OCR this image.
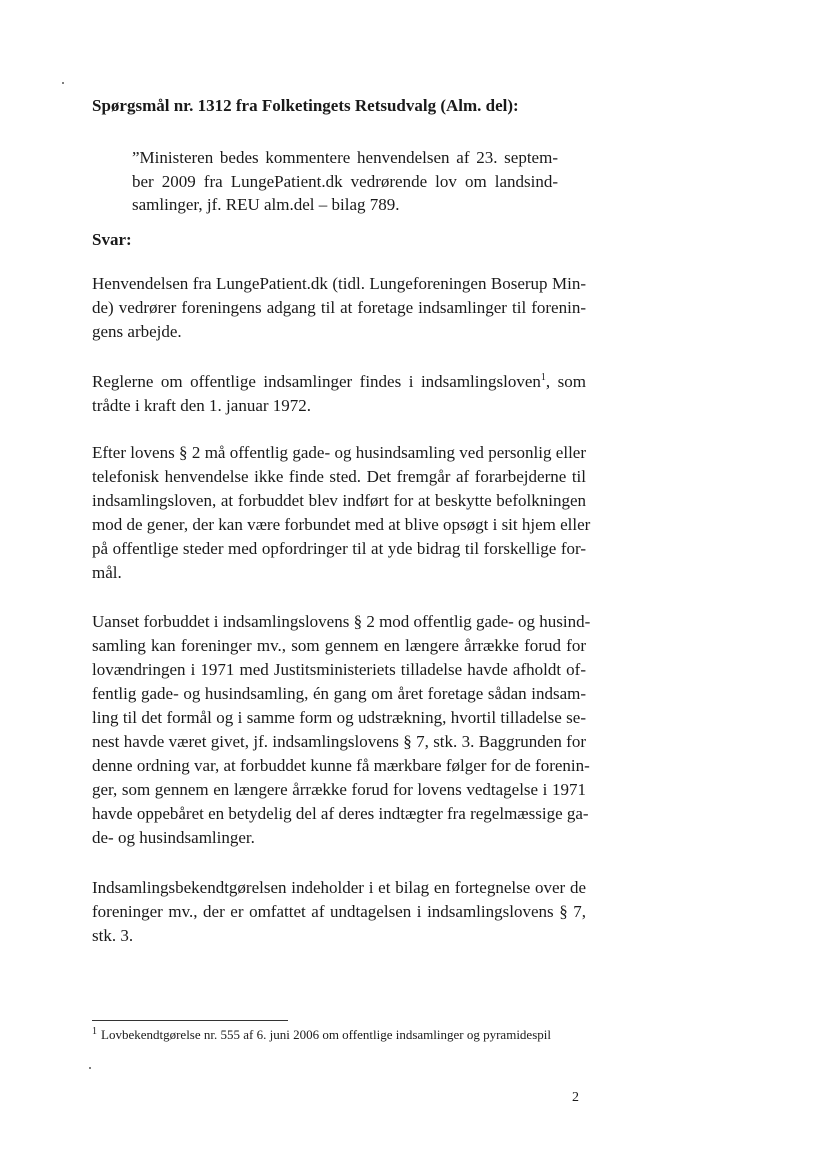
Spørgsmål nr. 1312 fra Folketingets Retsudvalg (Alm. del):

”Ministeren bedes kommentere henvendelsen af 23. septem-
ber 2009 fra LungePatient.dk vedrørende lov om landsind-
samlinger, jf. REU alm.del – bilag 789.

Svar:

Henvendelsen fra LungePatient.dk (tidl. Lungeforeningen Boserup Min-
de) vedrører foreningens adgang til at foretage indsamlinger til forenin-
gens arbejde.

Reglerne om offentlige indsamlinger findes i indsamlingsloven$^1$, som
trådte i kraft den 1. januar 1972.

Efter lovens § 2 må offentlig gade- og husindsamling ved personlig eller
telefonisk henvendelse ikke finde sted. Det fremgår af forarbejderne til
indsamlingsloven, at forbuddet blev indført for at beskytte befolkningen
mod de gener, der kan være forbundet med at blive opsøgt i sit hjem eller
på offentlige steder med opfordringer til at yde bidrag til forskellige for-
mål.

Uanset forbuddet i indsamlingslovens § 2 mod offentlig gade- og husind-
samling kan foreninger mv., som gennem en længere årrække forud for
lovændringen i 1971 med Justitsministeriets tilladelse havde afholdt of-
fentlig gade- og husindsamling, én gang om året foretage sådan indsam-
ling til det formål og i samme form og udstrækning, hvortil tilladelse se-
nest havde været givet, jf. indsamlingslovens § 7, stk. 3. Baggrunden for
denne ordning var, at forbuddet kunne få mærkbare følger for de forenin-
ger, som gennem en længere årrække forud for lovens vedtagelse i 1971
havde oppebåret en betydelig del af deres indtægter fra regelmæssige ga-
de- og husindsamlinger.

Indsamlingsbekendtgørelsen indeholder i et bilag en fortegnelse over de
foreninger mv., der er omfattet af undtagelsen i indsamlingslovens § 7,
stk. 3.

$^1$ Lovbekendtgørelse nr. 555 af 6. juni 2006 om offentlige indsamlinger og pyramidespil

2
